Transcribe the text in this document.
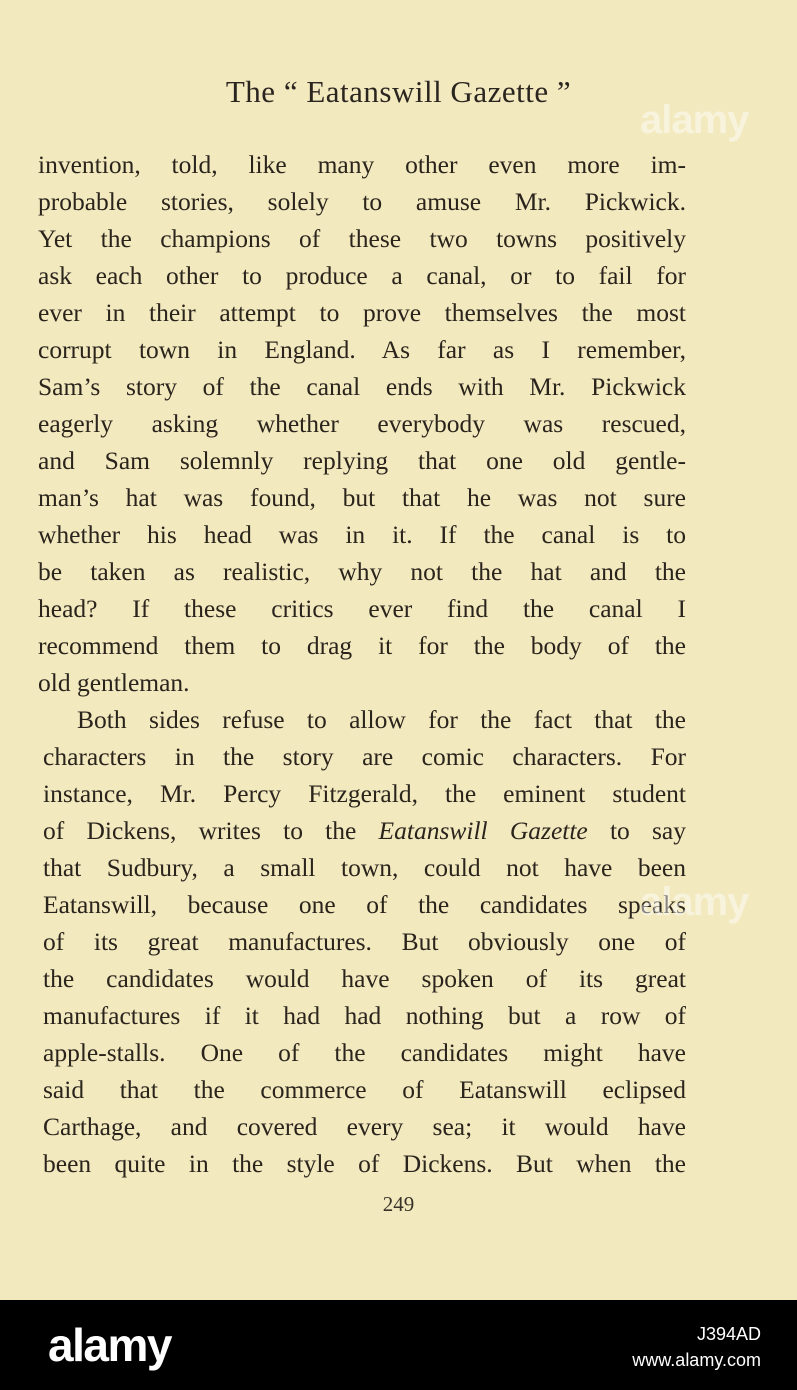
The “ Eatanswill Gazette ”
invention, told, like many other even more im-
probable stories, solely to amuse Mr. Pickwick.
Yet the champions of these two towns positively
ask each other to produce a canal, or to fail for
ever in their attempt to prove themselves the most
corrupt town in England. As far as I remember,
Sam’s story of the canal ends with Mr. Pickwick
eagerly asking whether everybody was rescued,
and Sam solemnly replying that one old gentle-
man’s hat was found, but that he was not sure
whether his head was in it. If the canal is to
be taken as realistic, why not the hat and the
head? If these critics ever find the canal I
recommend them to drag it for the body of the
old gentleman.
Both sides refuse to allow for the fact that the
characters in the story are comic characters. For
instance, Mr. Percy Fitzgerald, the eminent student
of Dickens, writes to the Eatanswill Gazette to say
that Sudbury, a small town, could not have been
Eatanswill, because one of the candidates speaks
of its great manufactures. But obviously one of
the candidates would have spoken of its great
manufactures if it had had nothing but a row of
apple-stalls. One of the candidates might have
said that the commerce of Eatanswill eclipsed
Carthage, and covered every sea; it would have
been quite in the style of Dickens. But when the
249
alamy
alamy
alamy	J394AD
www.alamy.com
